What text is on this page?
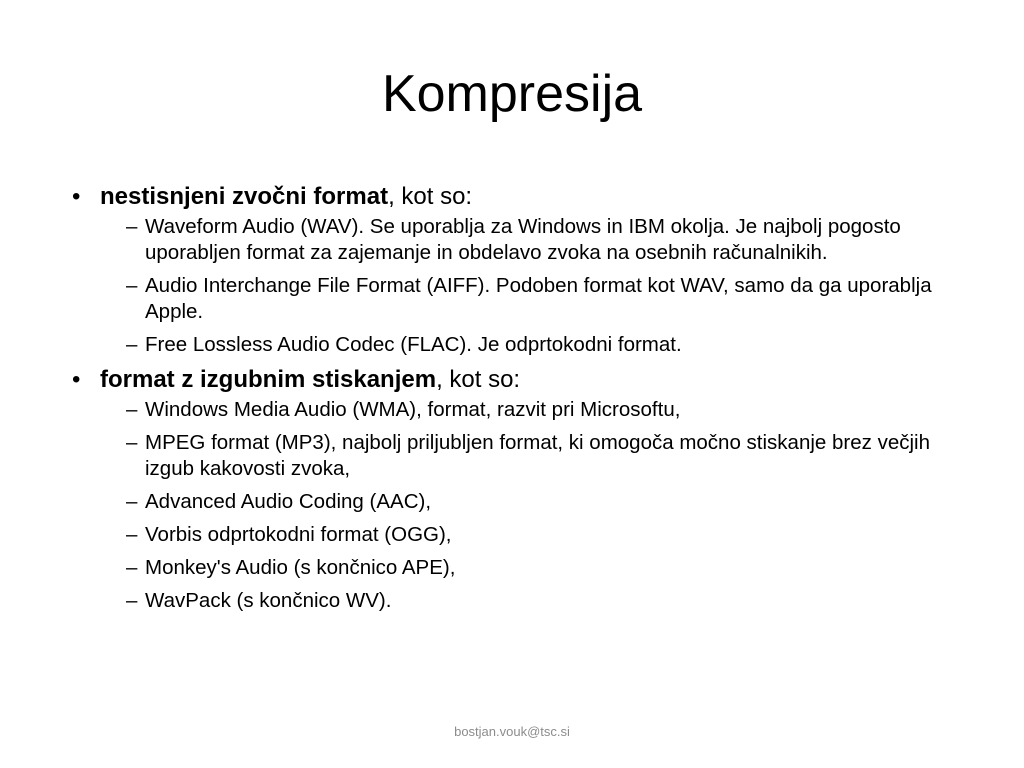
Kompresija
• nestisnjeni zvočni format, kot so:
– Waveform Audio (WAV). Se uporablja za Windows in IBM okolja. Je najbolj pogosto uporabljen format za zajemanje in obdelavo zvoka na osebnih računalnikih.
– Audio Interchange File Format (AIFF). Podoben format kot WAV, samo da ga uporablja Apple.
– Free Lossless Audio Codec (FLAC). Je odprtokodni format.
• format z izgubnim stiskanjem, kot so:
– Windows Media Audio (WMA), format, razvit pri Microsoftu,
– MPEG format (MP3), najbolj priljubljen format, ki omogoča močno stiskanje brez večjih izgub kakovosti zvoka,
– Advanced Audio Coding (AAC),
– Vorbis odprtokodni format (OGG),
– Monkey's Audio (s končnico APE),
– WavPack (s končnico WV).
bostjan.vouk@tsc.si
